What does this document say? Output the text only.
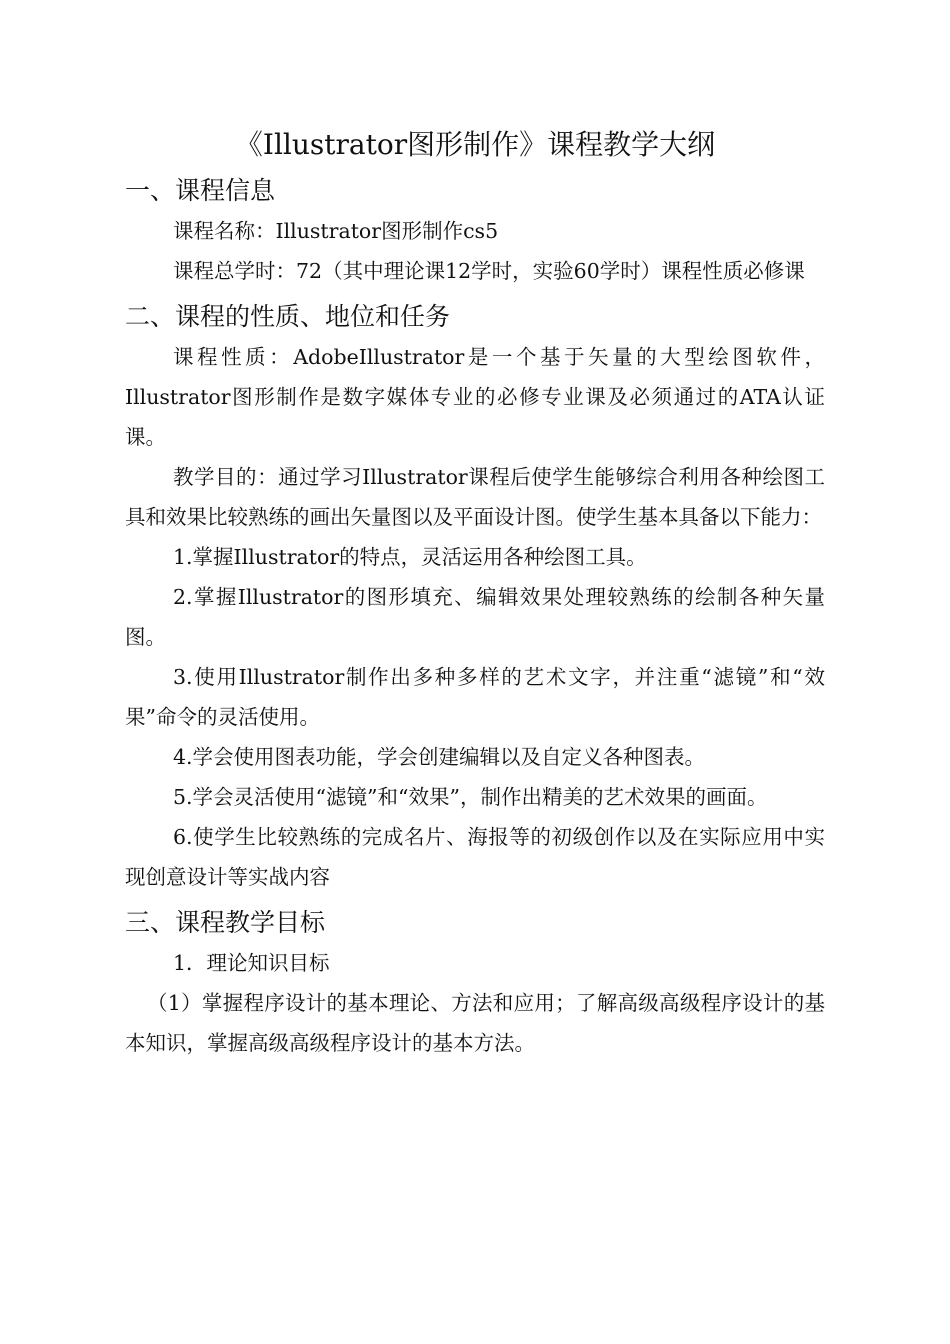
《Illustrator图形制作》课程教学大纲
一、课程信息

课程名称：Illustrator图形制作cs5

课程总学时：72（其中理论课12学时，实验60学时）课程性质必修课

二、课程的性质、地位和任务

课程性质：AdobeIllustrator是一个基于矢量的大型绘图软件，Illustrator图形制作是数字媒体专业的必修专业课及必须通过的ATA认证课。

教学目的：通过学习Illustrator课程后使学生能够综合利用各种绘图工具和效果比较熟练的画出矢量图以及平面设计图。使学生基本具备以下能力：

1.掌握Illustrator的特点，灵活运用各种绘图工具。

2.掌握Illustrator的图形填充、编辑效果处理较熟练的绘制各种矢量图。

3.使用Illustrator制作出多种多样的艺术文字，并注重“滤镜”和“效果”命令的灵活使用。

4.学会使用图表功能，学会创建编辑以及自定义各种图表。

5.学会灵活使用“滤镜”和“效果”，制作出精美的艺术效果的画面。

6.使学生比较熟练的完成名片、海报等的初级创作以及在实际应用中实现创意设计等实战内容

三、课程教学目标

1．理论知识目标

（1）掌握程序设计的基本理论、方法和应用；了解高级高级程序设计的基本知识，掌握高级高级程序设计的基本方法。
